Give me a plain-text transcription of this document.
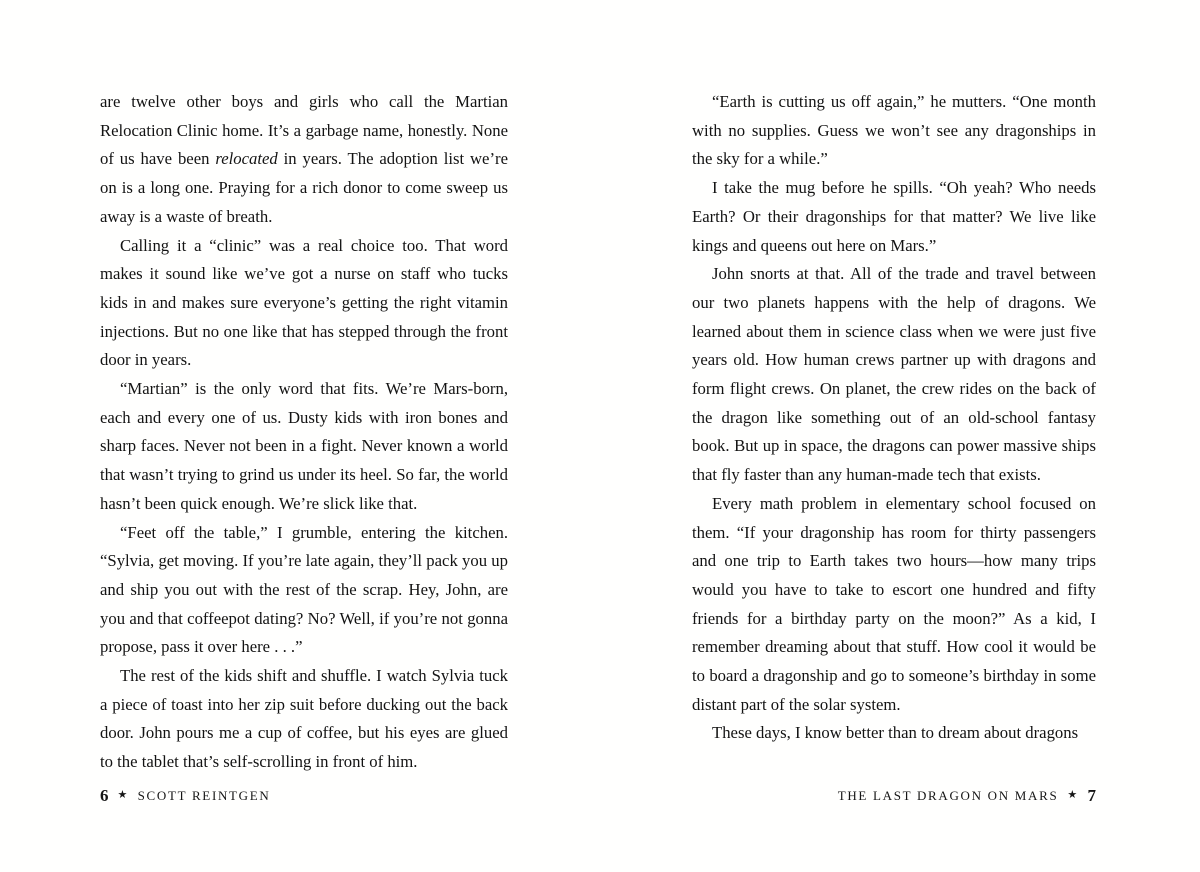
are twelve other boys and girls who call the Martian Relocation Clinic home. It’s a garbage name, honestly. None of us have been relocated in years. The adoption list we’re on is a long one. Praying for a rich donor to come sweep us away is a waste of breath.

Calling it a “clinic” was a real choice too. That word makes it sound like we’ve got a nurse on staff who tucks kids in and makes sure everyone’s getting the right vitamin injections. But no one like that has stepped through the front door in years.

“Martian” is the only word that fits. We’re Mars-born, each and every one of us. Dusty kids with iron bones and sharp faces. Never not been in a fight. Never known a world that wasn’t trying to grind us under its heel. So far, the world hasn’t been quick enough. We’re slick like that.

“Feet off the table,” I grumble, entering the kitchen. “Sylvia, get moving. If you’re late again, they’ll pack you up and ship you out with the rest of the scrap. Hey, John, are you and that coffeepot dating? No? Well, if you’re not gonna propose, pass it over here . . .”

The rest of the kids shift and shuffle. I watch Sylvia tuck a piece of toast into her zip suit before ducking out the back door. John pours me a cup of coffee, but his eyes are glued to the tablet that’s self-scrolling in front of him.

6 ★ SCOTT REINTGEN

“Earth is cutting us off again,” he mutters. “One month with no supplies. Guess we won’t see any dragonships in the sky for a while.”

I take the mug before he spills. “Oh yeah? Who needs Earth? Or their dragonships for that matter? We live like kings and queens out here on Mars.”

John snorts at that. All of the trade and travel between our two planets happens with the help of dragons. We learned about them in science class when we were just five years old. How human crews partner up with dragons and form flight crews. On planet, the crew rides on the back of the dragon like something out of an old-school fantasy book. But up in space, the dragons can power massive ships that fly faster than any human-made tech that exists.

Every math problem in elementary school focused on them. “If your dragonship has room for thirty passengers and one trip to Earth takes two hours—how many trips would you have to take to escort one hundred and fifty friends for a birthday party on the moon?” As a kid, I remember dreaming about that stuff. How cool it would be to board a dragonship and go to someone’s birthday in some distant part of the solar system.

These days, I know better than to dream about dragons

THE LAST DRAGON ON MARS ★ 7
